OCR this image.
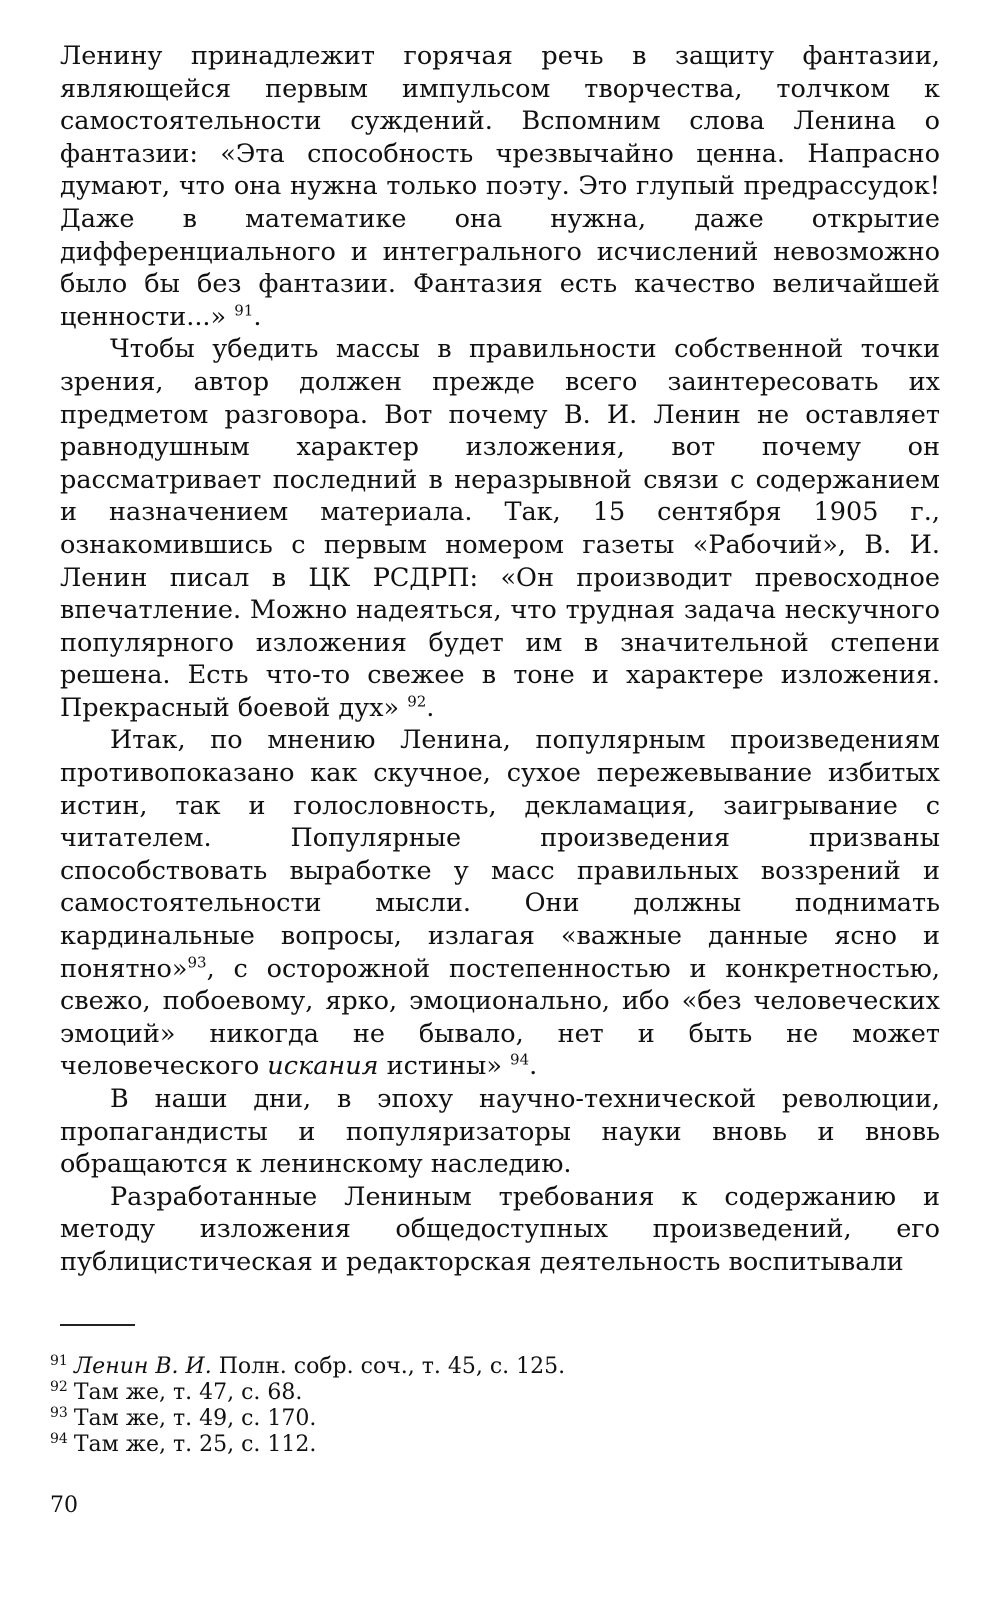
Ленину принадлежит горячая речь в защиту фантазии, являющейся первым импульсом творчества, толчком к самостоятельности суждений. Вспомним слова Ленина о фантазии: «Эта способность чрезвычайно ценна. Напрасно думают, что она нужна только поэту. Это глупый предрассудок! Даже в математике она нужна, даже открытие дифференциального и интегрального исчислений невозможно было бы без фантазии. Фантазия есть качество величайшей ценности...» $^{91}$.

Чтобы убедить массы в правильности собственной точки зрения, автор должен прежде всего заинтересовать их предметом разговора. Вот почему В. И. Ленин не оставляет равнодушным характер изложения, вот почему он рассматривает последний в неразрывной связи с содержанием и назначением материала. Так, 15 сентября 1905 г., ознакомившись с первым номером газеты «Рабочий», В. И. Ленин писал в ЦК РСДРП: «Он производит превосходное впечатление. Можно надеяться, что трудная задача нескучного популярного изложения будет им в значительной степени решена. Есть что-то свежее в тоне и характере изложения. Прекрасный боевой дух» $^{92}$.

Итак, по мнению Ленина, популярным произведениям противопоказано как скучное, сухое пережевывание избитых истин, так и голословность, декламация, заигрывание с читателем. Популярные произведения призваны способствовать выработке у масс правильных воззрений и самостоятельности мысли. Они должны поднимать кардинальные вопросы, излагая «важные данные ясно и понятно»$^{93}$, с осторожной постепенностью и конкретностью, свежо, побоевому, ярко, эмоционально, ибо «без человеческих эмоций» никогда не бывало, нет и быть не может человеческого искания истины» $^{94}$.

В наши дни, в эпоху научно-технической революции, пропагандисты и популяризаторы науки вновь и вновь обращаются к ленинскому наследию.

Разработанные Лениным требования к содержанию и методу изложения общедоступных произведений, его публицистическая и редакторская деятельность воспитывали

$^{91}$ Ленин В. И. Полн. собр. соч., т. 45, с. 125.
$^{92}$ Там же, т. 47, с. 68.
$^{93}$ Там же, т. 49, с. 170.
$^{94}$ Там же, т. 25, с. 112.
70
